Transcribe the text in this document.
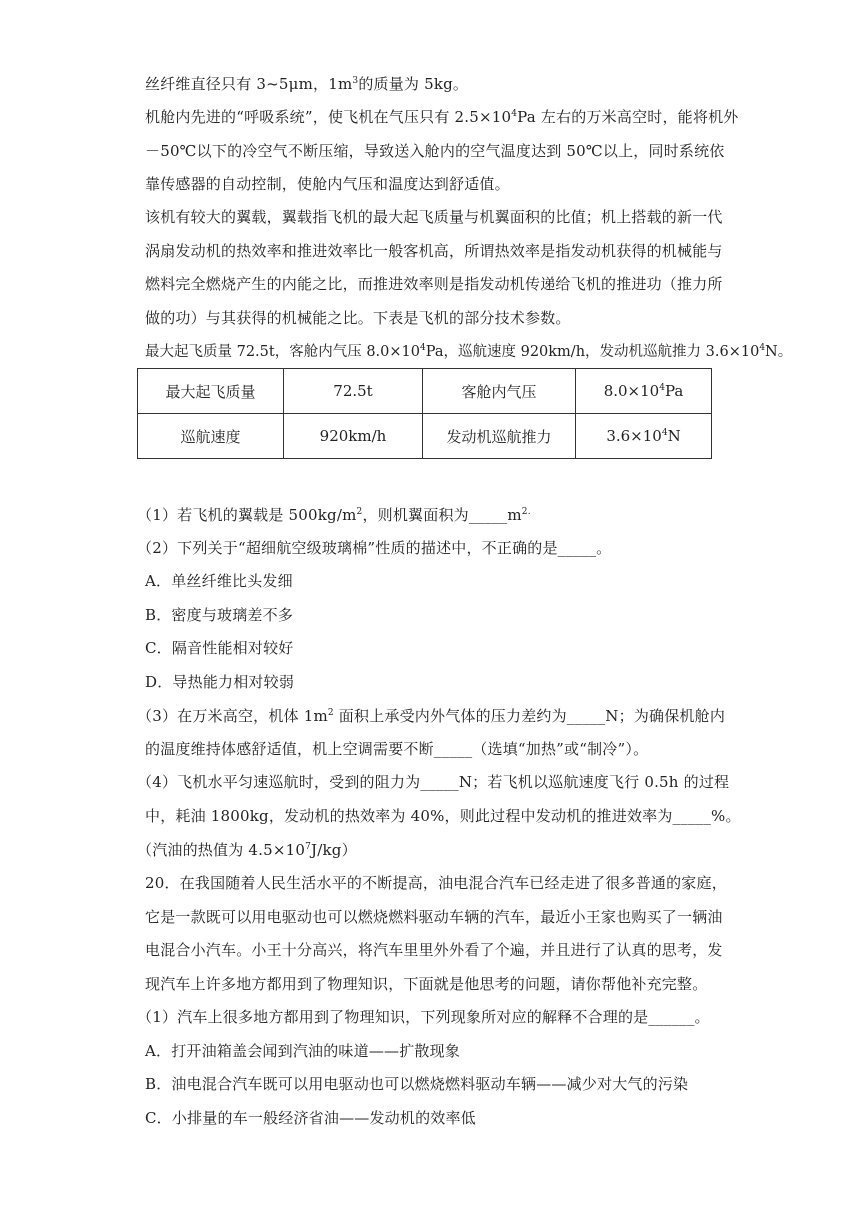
丝纤维直径只有 3~5μm，$1m^3$的质量为 5kg。
机舱内先进的“呼吸系统”，使飞机在气压只有 $2.5\times 10^4Pa$ 左右的万米高空时，能将机外
－50℃以下的冷空气不断压缩，导致送入舱内的空气温度达到 50℃以上，同时系统依
靠传感器的自动控制，使舱内气压和温度达到舒适值。
该机有较大的翼载，翼载指飞机的最大起飞质量与机翼面积的比值；机上搭载的新一代
涡扇发动机的热效率和推进效率比一般客机高，所谓热效率是指发动机获得的机械能与
燃料完全燃烧产生的内能之比，而推进效率则是指发动机传递给飞机的推进功（推力所
做的功）与其获得的机械能之比。下表是飞机的部分技术参数。
最大起飞质量 72.5t，客舱内气压 $8.0\times 10^4Pa$，巡航速度 920km/h，发动机巡航推力 $3.6\times 10^4N$。
最大起飞质量	72.5t	客舱内气压	$8.0\times 10^4Pa$
巡航速度	920km/h	发动机巡航推力	$3.6\times 10^4N$
（1）若飞机的翼载是 $500kg/m^2$，则机翼面积为$\_\_\_\_\_m^{2.}$
（2）下列关于“超细航空级玻璃棉”性质的描述中，不正确的是_____。
A．单丝纤维比头发细
B．密度与玻璃差不多
C．隔音性能相对较好
D．导热能力相对较弱
（3）在万米高空，机体 $1m^2$ 面积上承受内外气体的压力差约为_____N；为确保机舱内
的温度维持体感舒适值，机上空调需要不断_____（选填“加热”或“制冷”）。
（4）飞机水平匀速巡航时，受到的阻力为_____N；若飞机以巡航速度飞行 0.5h 的过程
中，耗油 1800kg，发动机的热效率为 40%，则此过程中发动机的推进效率为_____%。
（汽油的热值为 $4.5\times 10^7J/kg$）
20．在我国随着人民生活水平的不断提高，油电混合汽车已经走进了很多普通的家庭，
它是一款既可以用电驱动也可以燃烧燃料驱动车辆的汽车，最近小王家也购买了一辆油
电混合小汽车。小王十分高兴，将汽车里里外外看了个遍，并且进行了认真的思考，发
现汽车上许多地方都用到了物理知识，下面就是他思考的问题，请你帮他补充完整。
（1）汽车上很多地方都用到了物理知识，下列现象所对应的解释不合理的是______。
A．打开油箱盖会闻到汽油的味道——扩散现象
B．油电混合汽车既可以用电驱动也可以燃烧燃料驱动车辆——减少对大气的污染
C．小排量的车一般经济省油——发动机的效率低
